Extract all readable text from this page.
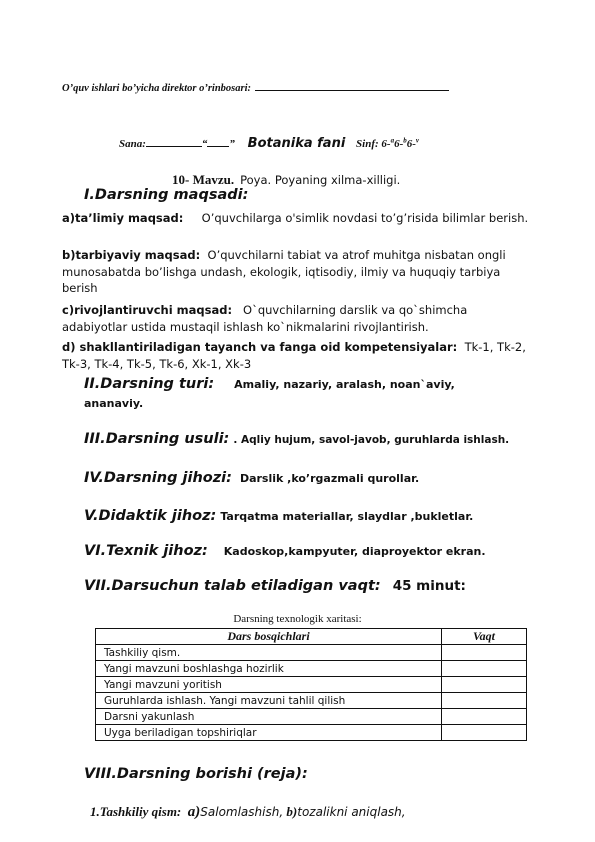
O’quv ishlari bo’yicha direktor o’rinbosari:
Sana:	“ ” Botanika fani Sinf: 6-$^a$6-$^b$6-$^v$
10- Mavzu. Poya. Poyaning xilma-xilligi.
I.Darsning maqsadi:
a)ta’limiy maqsad: O’quvchilarga o'simlik novdasi to’g’risida bilimlar berish.
b)tarbiyaviy maqsad: O’quvchilarni tabiat va atrof muhitga nisbatan ongli munosabatda bo’lishga undash, ekologik, iqtisodiy, ilmiy va huquqiy tarbiya berish
c)rivojlantiruvchi maqsad: O`quvchilarning darslik va qo`shimcha adabiyotlar ustida mustaqil ishlash ko`nikmalarini rivojlantirish.
d) shakllantiriladigan tayanch va fanga oid kompetensiyalar: Tk-1, Tk-2, Tk-3, Tk-4, Tk-5, Tk-6, Xk-1, Xk-3
II.Darsning turi: Amaliy, nazariy, aralash, noan`aviy, ananaviy.
III.Darsning usuli: . Aqliy hujum, savol-javob, guruhlarda ishlash.
IV.Darsning jihozi: Darslik ,ko’rgazmali qurollar.
V.Didaktik jihoz: Tarqatma materiallar, slaydlar ,bukletlar.
VI.Texnik jihoz: Kadoskop,kampyuter, diaproyektor ekran.
VII.Darsuchun talab etiladigan vaqt: 45 minut:
Darsning texnologik xaritasi:
Dars bosqichlari	Vaqt
Tashkiliy qism.	
Yangi mavzuni boshlashga hozirlik	
Yangi mavzuni yoritish	
Guruhlarda ishlash. Yangi mavzuni tahlil qilish	
Darsni yakunlash	
Uyga beriladigan topshiriqlar	
VIII.Darsning borishi (reja):
1.Tashkiliy qism: a)Salomlashish, b)tozalikni aniqlash,
